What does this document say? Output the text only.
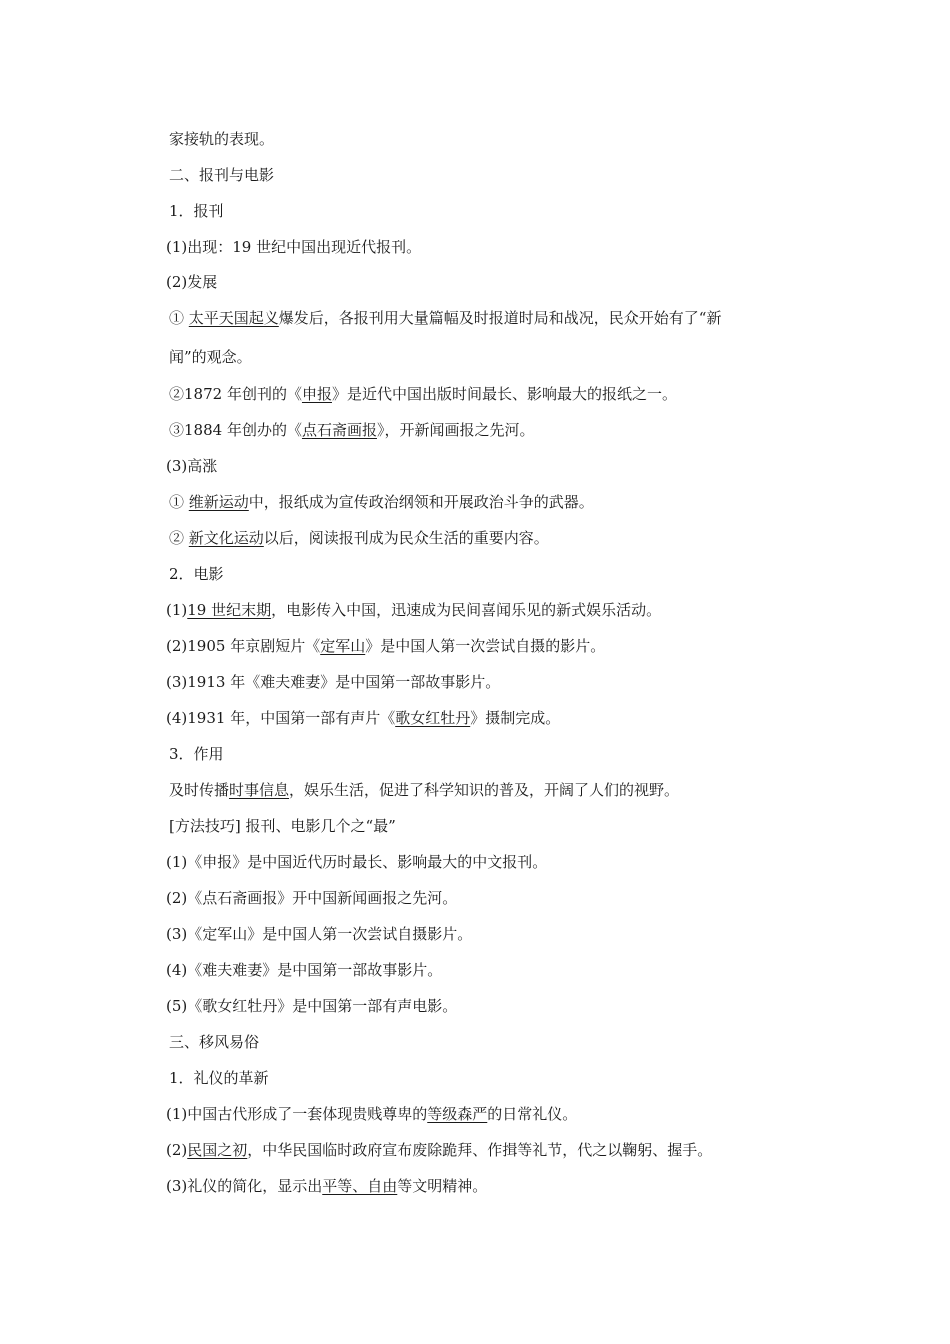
家接轨的表现。
二、报刊与电影
1．报刊
(1)出现：19 世纪中国出现近代报刊。
(2)发展
① 太平天国起义爆发后，各报刊用大量篇幅及时报道时局和战况，民众开始有了“新
闻”的观念。
②1872 年创刊的《申报》是近代中国出版时间最长、影响最大的报纸之一。
③1884 年创办的《点石斋画报》，开新闻画报之先河。
(3)高涨
① 维新运动中，报纸成为宣传政治纲领和开展政治斗争的武器。
② 新文化运动以后，阅读报刊成为民众生活的重要内容。
2．电影
(1)19 世纪末期，电影传入中国，迅速成为民间喜闻乐见的新式娱乐活动。
(2)1905 年京剧短片《定军山》是中国人第一次尝试自摄的影片。
(3)1913 年《难夫难妻》是中国第一部故事影片。
(4)1931 年，中国第一部有声片《歌女红牡丹》摄制完成。
3．作用
及时传播时事信息，娱乐生活，促进了科学知识的普及，开阔了人们的视野。
[方法技巧] 报刊、电影几个之“最”
(1)《申报》是中国近代历时最长、影响最大的中文报刊。
(2)《点石斋画报》开中国新闻画报之先河。
(3)《定军山》是中国人第一次尝试自摄影片。
(4)《难夫难妻》是中国第一部故事影片。
(5)《歌女红牡丹》是中国第一部有声电影。
三、移风易俗
1．礼仪的革新
(1)中国古代形成了一套体现贵贱尊卑的等级森严的日常礼仪。
(2)民国之初，中华民国临时政府宣布废除跪拜、作揖等礼节，代之以鞠躬、握手。
(3)礼仪的简化，显示出平等、自由等文明精神。
